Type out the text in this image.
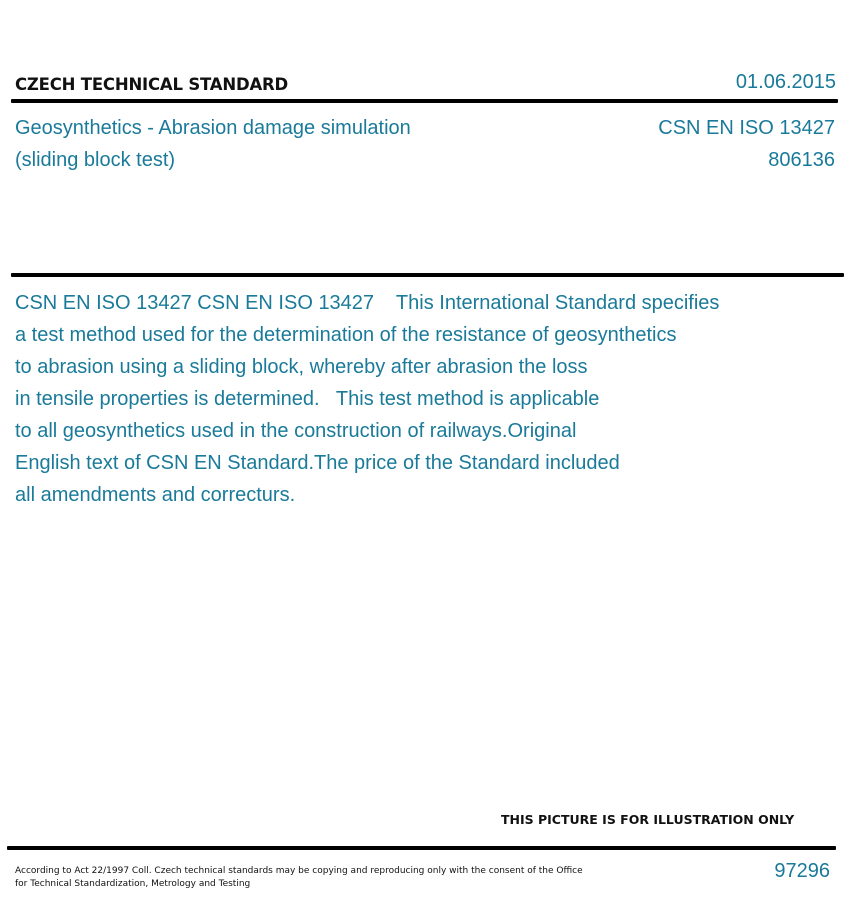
CZECH TECHNICAL STANDARD	01.06.2015
Geosynthetics - Abrasion damage simulation
(sliding block test)
CSN EN ISO 13427
806136
CSN EN ISO 13427 CSN EN ISO 13427    This International Standard specifies
a test method used for the determination of the resistance of geosynthetics
to abrasion using a sliding block, whereby after abrasion the loss
in tensile properties is determined.   This test method is applicable
to all geosynthetics used in the construction of railways.Original
English text of CSN EN Standard.The price of the Standard included
all amendments and correcturs.
THIS PICTURE IS FOR ILLUSTRATION ONLY
According to Act 22/1997 Coll. Czech technical standards may be copying and reproducing only with the consent of the Office
for Technical Standardization, Metrology and Testing
97296
